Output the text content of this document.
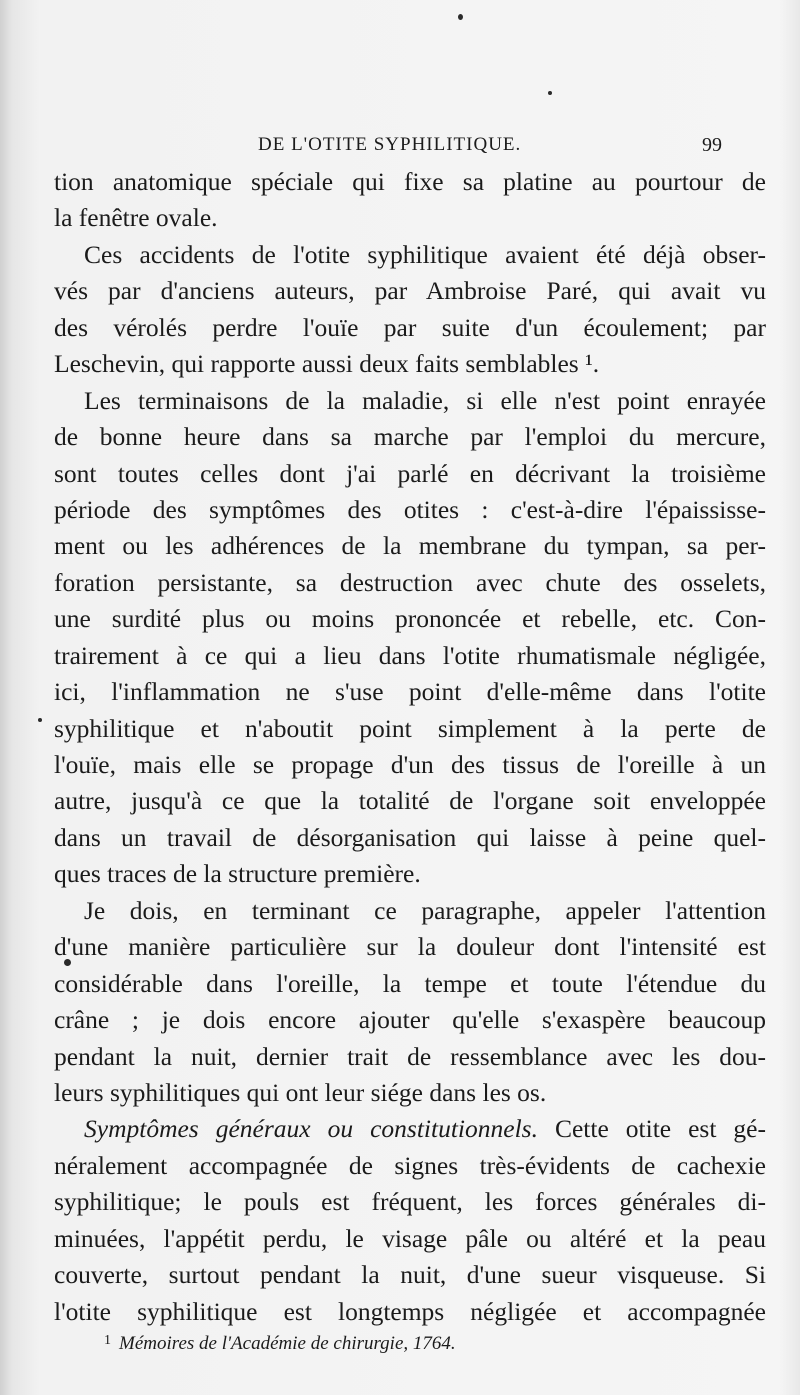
DE L'OTITE SYPHILITIQUE.	99
tion anatomique spéciale qui fixe sa platine au pourtour de
la fenêtre ovale.
Ces accidents de l'otite syphilitique avaient été déjà obser-
vés par d'anciens auteurs, par Ambroise Paré, qui avait vu
des vérolés perdre l'ouïe par suite d'un écoulement; par
Leschevin, qui rapporte aussi deux faits semblables ¹.
Les terminaisons de la maladie, si elle n'est point enrayée
de bonne heure dans sa marche par l'emploi du mercure,
sont toutes celles dont j'ai parlé en décrivant la troisième
période des symptômes des otites : c'est-à-dire l'épaississe-
ment ou les adhérences de la membrane du tympan, sa per-
foration persistante, sa destruction avec chute des osselets,
une surdité plus ou moins prononcée et rebelle, etc. Con-
trairement à ce qui a lieu dans l'otite rhumatismale négligée,
ici, l'inflammation ne s'use point d'elle-même dans l'otite
syphilitique et n'aboutit point simplement à la perte de
l'ouïe, mais elle se propage d'un des tissus de l'oreille à un
autre, jusqu'à ce que la totalité de l'organe soit enveloppée
dans un travail de désorganisation qui laisse à peine quel-
ques traces de la structure première.
Je dois, en terminant ce paragraphe, appeler l'attention
d'une manière particulière sur la douleur dont l'intensité est
considérable dans l'oreille, la tempe et toute l'étendue du
crâne ; je dois encore ajouter qu'elle s'exaspère beaucoup
pendant la nuit, dernier trait de ressemblance avec les dou-
leurs syphilitiques qui ont leur siége dans les os.
Symptômes généraux ou constitutionnels. Cette otite est gé-
néralement accompagnée de signes très-évidents de cachexie
syphilitique; le pouls est fréquent, les forces générales di-
minuées, l'appétit perdu, le visage pâle ou altéré et la peau
couverte, surtout pendant la nuit, d'une sueur visqueuse. Si
l'otite syphilitique est longtemps négligée et accompagnée
$^1$ Mémoires de l'Académie de chirurgie, 1764.
